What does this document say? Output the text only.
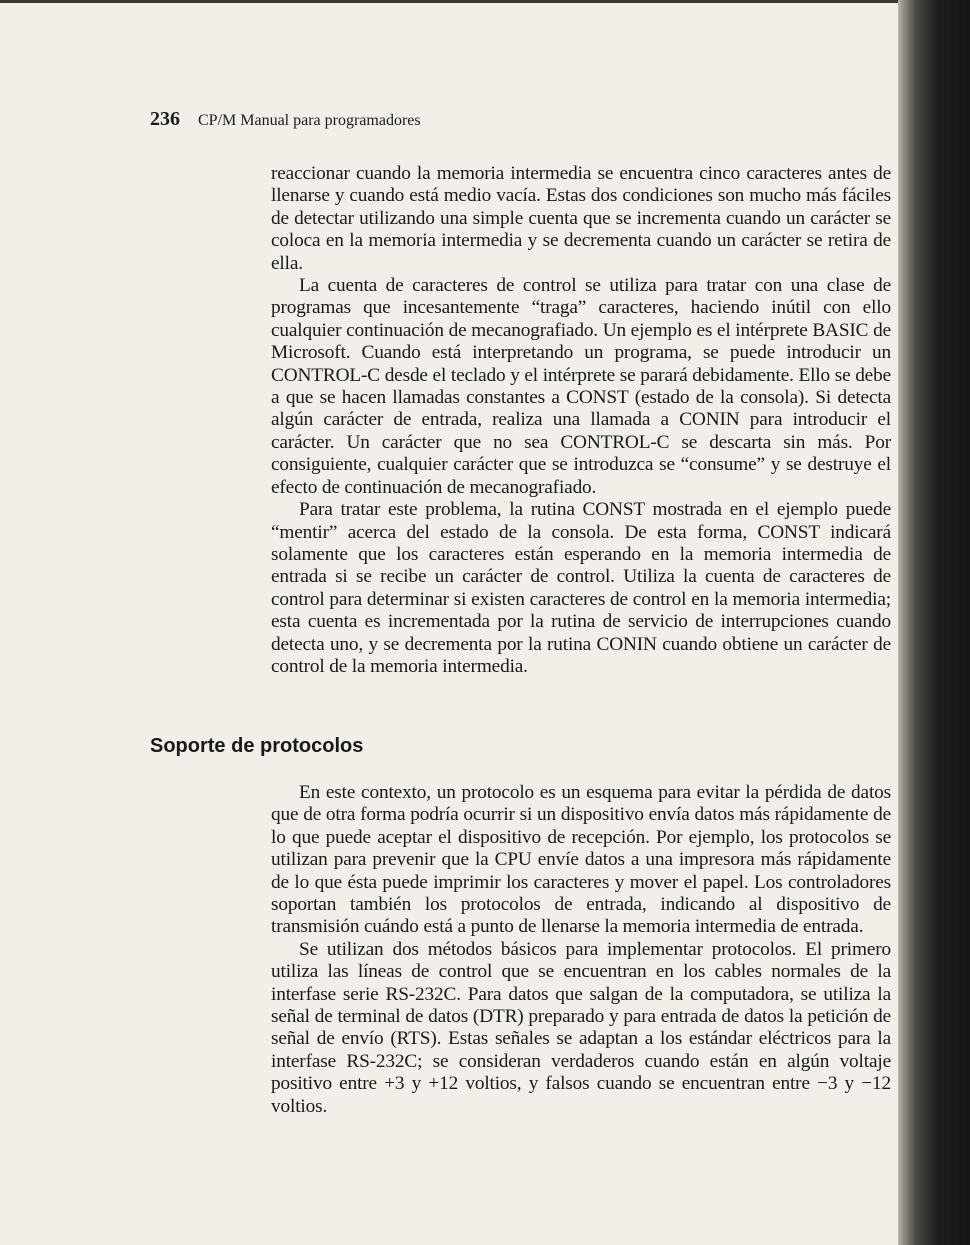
236 CP/M Manual para programadores

reaccionar cuando la memoria intermedia se encuentra cinco caracteres antes de llenarse y cuando está medio vacía. Estas dos condiciones son mucho más fáciles de detectar utilizando una simple cuenta que se incrementa cuando un carácter se coloca en la memoria intermedia y se decrementa cuando un carácter se retira de ella.

La cuenta de caracteres de control se utiliza para tratar con una clase de programas que incesantemente “traga” caracteres, haciendo inútil con ello cualquier continuación de mecanografiado. Un ejemplo es el intérprete BASIC de Microsoft. Cuando está interpretando un programa, se puede introducir un CONTROL-C desde el teclado y el intérprete se parará debidamente. Ello se debe a que se hacen llamadas constantes a CONST (estado de la consola). Si detecta algún carácter de entrada, realiza una llamada a CONIN para introducir el carácter. Un carácter que no sea CONTROL-C se descarta sin más. Por consiguiente, cualquier carácter que se introduzca se “consume” y se destruye el efecto de continuación de mecanografiado.

Para tratar este problema, la rutina CONST mostrada en el ejemplo puede “mentir” acerca del estado de la consola. De esta forma, CONST indicará solamente que los caracteres están esperando en la memoria intermedia de entrada si se recibe un carácter de control. Utiliza la cuenta de caracteres de control para determinar si existen caracteres de control en la memoria intermedia; esta cuenta es incrementada por la rutina de servicio de interrupciones cuando detecta uno, y se decrementa por la rutina CONIN cuando obtiene un carácter de control de la memoria intermedia.

Soporte de protocolos

En este contexto, un protocolo es un esquema para evitar la pérdida de datos que de otra forma podría ocurrir si un dispositivo envía datos más rápidamente de lo que puede aceptar el dispositivo de recepción. Por ejemplo, los protocolos se utilizan para prevenir que la CPU envíe datos a una impresora más rápidamente de lo que ésta puede imprimir los caracteres y mover el papel. Los controladores soportan también los protocolos de entrada, indicando al dispositivo de transmisión cuándo está a punto de llenarse la memoria intermedia de entrada.

Se utilizan dos métodos básicos para implementar protocolos. El primero utiliza las líneas de control que se encuentran en los cables normales de la interfase serie RS-232C. Para datos que salgan de la computadora, se utiliza la señal de terminal de datos (DTR) preparado y para entrada de datos la petición de señal de envío (RTS). Estas señales se adaptan a los estándar eléctricos para la interfase RS-232C; se consideran verdaderos cuando están en algún voltaje positivo entre +3 y +12 voltios, y falsos cuando se encuentran entre −3 y −12 voltios.
